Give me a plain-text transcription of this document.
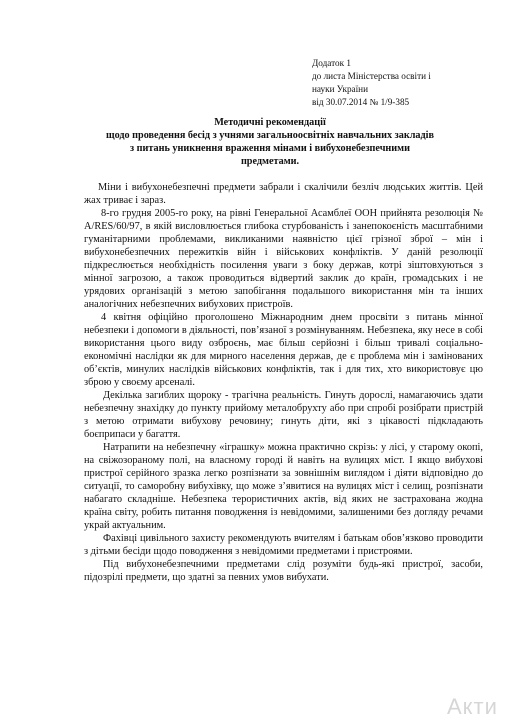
Додаток 1
до листа Міністерства освіти і
науки України
від 30.07.2014 № 1/9-385
Методичні рекомендації
щодо проведення бесід з учнями загальноосвітніх навчальних закладів
з питань уникнення враження мінами і вибухонебезпечними
предметами.

Міни і вибухонебезпечні предмети забрали і скалічили безліч людських життів. Цей жах триває і зараз.

8-го грудня 2005-го року, на рівні Генеральної Асамблеї ООН прийнята резолюція № A/RES/60/97, в якій висловлюється глибока стурбованість і занепокоєність масштабними гуманітарними проблемами, викликаними наявністю цієї грізної зброї – мін і вибухонебезпечних пережитків війн і військових конфліктів. У даній резолюції підкреслюється необхідність посилення уваги з боку держав, котрі зіштовхуються з мінної загрозою, а також проводиться відвертий заклик до країн, громадських і не урядових організацій з метою запобігання подальшого використання мін та інших аналогічних небезпечних вибухових пристроїв.

4 квітня офіційно проголошено Міжнародним днем просвіти з питань мінної небезпеки і допомоги в діяльності, пов’язаної з розмінуванням. Небезпека, яку несе в собі використання цього виду озброєнь, має більш серйозні і більш тривалі соціально-економічні наслідки як для мирного населення держав, де є проблема мін і замінованих об’єктів, минулих наслідків військових конфліктів, так і для тих, хто використовує цю зброю у своєму арсеналі.

Декілька загиблих щороку - трагічна реальність. Гинуть дорослі, намагаючись здати небезпечну знахідку до пункту прийому металобрухту або при спробі розібрати пристрій з метою отримати вибухову речовину; гинуть діти, які з цікавості підкладають боєприпаси у багаття.

Натрапити на небезпечну «іграшку» можна практично скрізь: у лісі, у старому окопі, на свіжозораному полі, на власному городі й навіть на вулицях міст. І якщо вибухові пристрої серійного зразка легко розпізнати за зовнішнім виглядом і діяти відповідно до ситуації, то саморобну вибухівку, що може з’явитися на вулицях міст і селищ, розпізнати набагато складніше. Небезпека терористичних актів, від яких не застрахована жодна країна світу, робить питання поводження із невідомими, залишеними без догляду речами украй актуальним.

Фахівці цивільного захисту рекомендують вчителям і батькам обов’язково проводити з дітьми бесіди щодо поводження з невідомими предметами і пристроями.

Під вибухонебезпечними предметами слід розуміти будь-які пристрої, засоби, підозрілі предмети, що здатні за певних умов вибухати.

Акти
